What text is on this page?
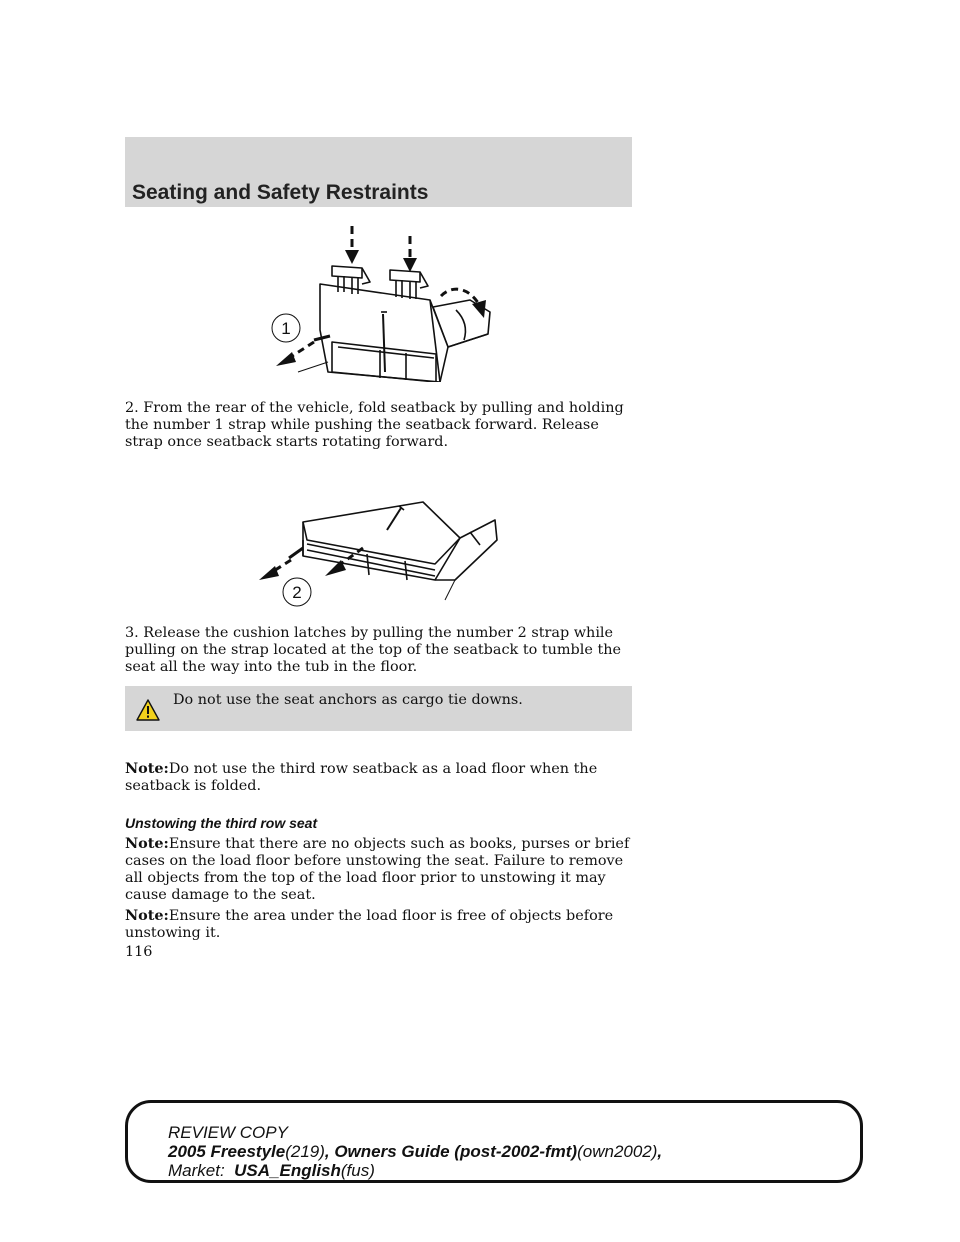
Seating and Safety Restraints
1

2. From the rear of the vehicle, fold seatback by pulling and holding the number 1 strap while pushing the seatback forward. Release strap once seatback starts rotating forward.

2

3. Release the cushion latches by pulling the number 2 strap while pulling on the strap located at the top of the seatback to tumble the seat all the way into the tub in the floor.

Do not use the seat anchors as cargo tie downs.

Note:Do not use the third row seatback as a load floor when the seatback is folded.

Unstowing the third row seat

Note:Ensure that there are no objects such as books, purses or brief cases on the load floor before unstowing the seat. Failure to remove all objects from the top of the load floor prior to unstowing it may cause damage to the seat.

Note:Ensure the area under the load floor is free of objects before unstowing it.

116
REVIEW COPY
2005 Freestyle(219), Owners Guide (post-2002-fmt)(own2002),
Market: USA_English(fus)
